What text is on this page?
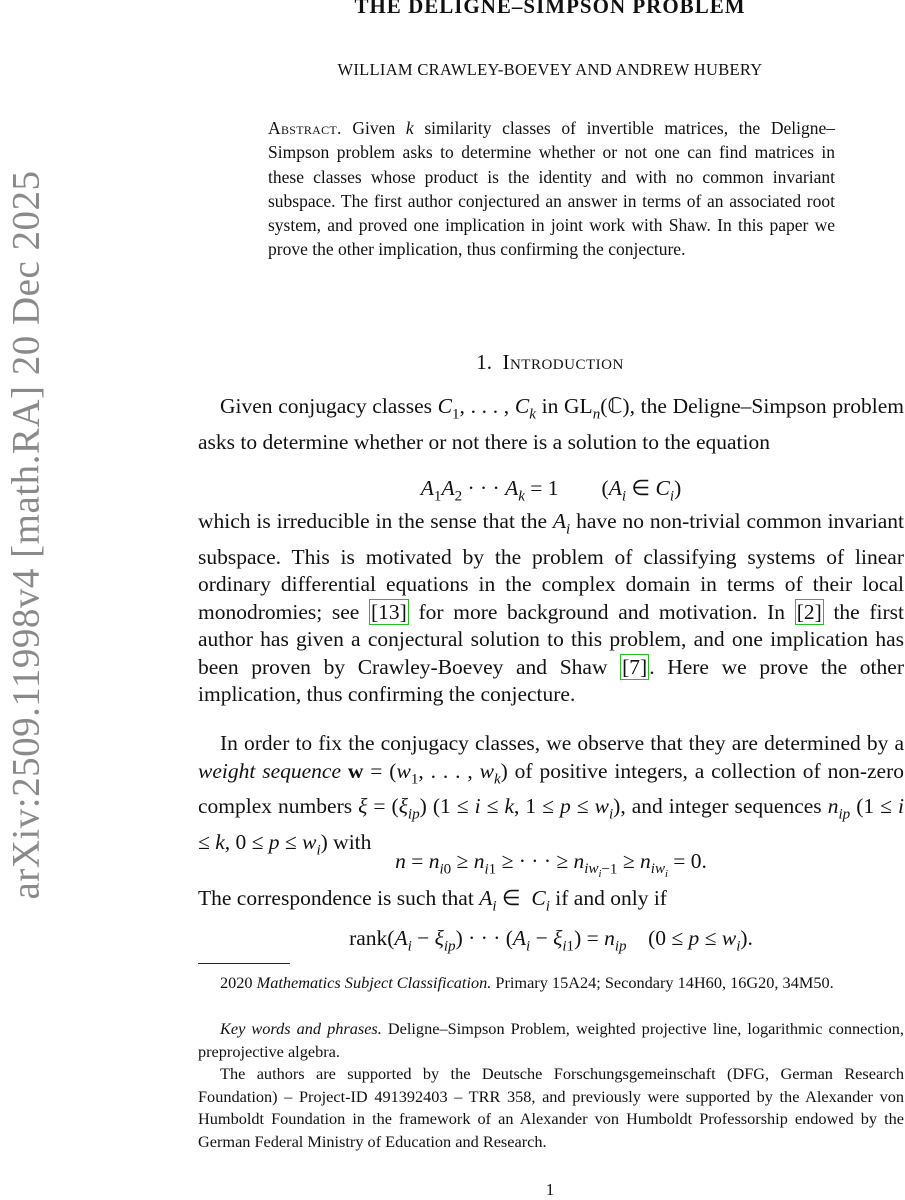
arXiv:2509.11998v4 [math.RA] 20 Dec 2025
THE DELIGNE–SIMPSON PROBLEM
WILLIAM CRAWLEY-BOEVEY AND ANDREW HUBERY
Abstract. Given k similarity classes of invertible matrices, the Deligne–Simpson problem asks to determine whether or not one can find matrices in these classes whose product is the identity and with no common invariant subspace. The first author conjectured an answer in terms of an associated root system, and proved one implication in joint work with Shaw. In this paper we prove the other implication, thus confirming the conjecture.
1. Introduction
Given conjugacy classes $C_1$, . . . , $C_k$ in $GL_n(ℂ)$, the Deligne–Simpson problem asks to determine whether or not there is a solution to the equation
$A_1A_2$ · · · $A_k = 1$        ($A_i$ ∈ $C_i$)
which is irreducible in the sense that the $A_i$ have no non-trivial common invariant subspace. This is motivated by the problem of classifying systems of linear ordinary differential equations in the complex domain in terms of their local monodromies; see [13] for more background and motivation. In [2] the first author has given a conjectural solution to this problem, and one implication has been proven by Crawley-Boevey and Shaw [7]. Here we prove the other implication, thus confirming the conjecture.
In order to fix the conjugacy classes, we observe that they are determined by a weight sequence $w = (w_1$, . . . , $w_k$) of positive integers, a collection of non-zero complex numbers $\xi = (\xi_{ip}) (1 \le i \le k$, $1 \le p \le w_i$), and integer sequences $n_{ip}$ (1 ≤ i ≤ k, $0 \le p \le w_i$) with
$n = n_{i0} \ge n_{i1}$ ≥ · · · ≥ $n_{iw_i-1} \ge n_{iw_i} = 0$.
The correspondence is such that $A_i$ ∈  $C_i$ if and only if
$rank(A_i - \xi_{ip})$ · · · $(A_i - \xi_{i1}) = n_{ip}$    $(0 \le p \le w_i)$.
2020 Mathematics Subject Classification. Primary 15A24; Secondary 14H60, 16G20, 34M50.
Key words and phrases. Deligne–Simpson Problem, weighted projective line, logarithmic connection, preprojective algebra.
The authors are supported by the Deutsche Forschungsgemeinschaft (DFG, German Research Foundation) – Project-ID 491392403 – TRR 358, and previously were supported by the Alexander von Humboldt Foundation in the framework of an Alexander von Humboldt Professorship endowed by the German Federal Ministry of Education and Research.
1
